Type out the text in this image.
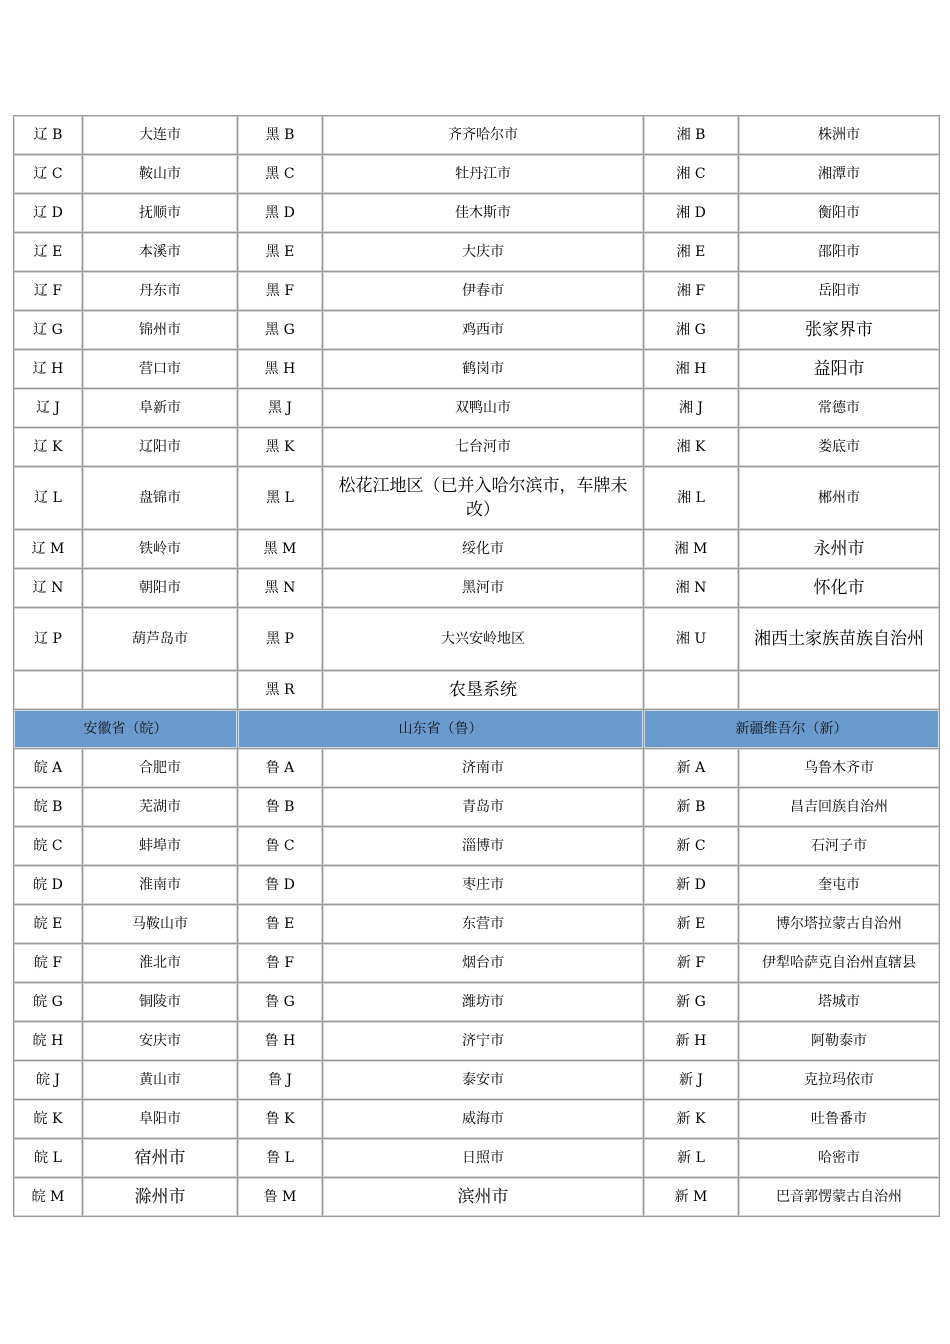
辽 B	大连市	黑 B	齐齐哈尔市	湘 B	株洲市
辽 C	鞍山市	黑 C	牡丹江市	湘 C	湘潭市
辽 D	抚顺市	黑 D	佳木斯市	湘 D	衡阳市
辽 E	本溪市	黑 E	大庆市	湘 E	邵阳市
辽 F	丹东市	黑 F	伊春市	湘 F	岳阳市
辽 G	锦州市	黑 G	鸡西市	湘 G	张家界市
辽 H	营口市	黑 H	鹤岗市	湘 H	益阳市
辽 J	阜新市	黑 J	双鸭山市	湘 J	常德市
辽 K	辽阳市	黑 K	七台河市	湘 K	娄底市
辽 L	盘锦市	黑 L	松花江地区（已并入哈尔滨市，车牌未改）	湘 L	郴州市
辽 M	铁岭市	黑 M	绥化市	湘 M	永州市
辽 N	朝阳市	黑 N	黑河市	湘 N	怀化市
辽 P	葫芦岛市	黑 P	大兴安岭地区	湘 U	湘西土家族苗族自治州
		黑 R	农垦系统		
安徽省（皖）		山东省（鲁）		新疆维吾尔（新）	
皖 A	合肥市	鲁 A	济南市	新 A	乌鲁木齐市
皖 B	芜湖市	鲁 B	青岛市	新 B	昌吉回族自治州
皖 C	蚌埠市	鲁 C	淄博市	新 C	石河子市
皖 D	淮南市	鲁 D	枣庄市	新 D	奎屯市
皖 E	马鞍山市	鲁 E	东营市	新 E	博尔塔拉蒙古自治州
皖 F	淮北市	鲁 F	烟台市	新 F	伊犁哈萨克自治州直辖县
皖 G	铜陵市	鲁 G	潍坊市	新 G	塔城市
皖 H	安庆市	鲁 H	济宁市	新 H	阿勒泰市
皖 J	黄山市	鲁 J	泰安市	新 J	克拉玛依市
皖 K	阜阳市	鲁 K	威海市	新 K	吐鲁番市
皖 L	宿州市	鲁 L	日照市	新 L	哈密市
皖 M	滁州市	鲁 M	滨州市	新 M	巴音郭愣蒙古自治州
